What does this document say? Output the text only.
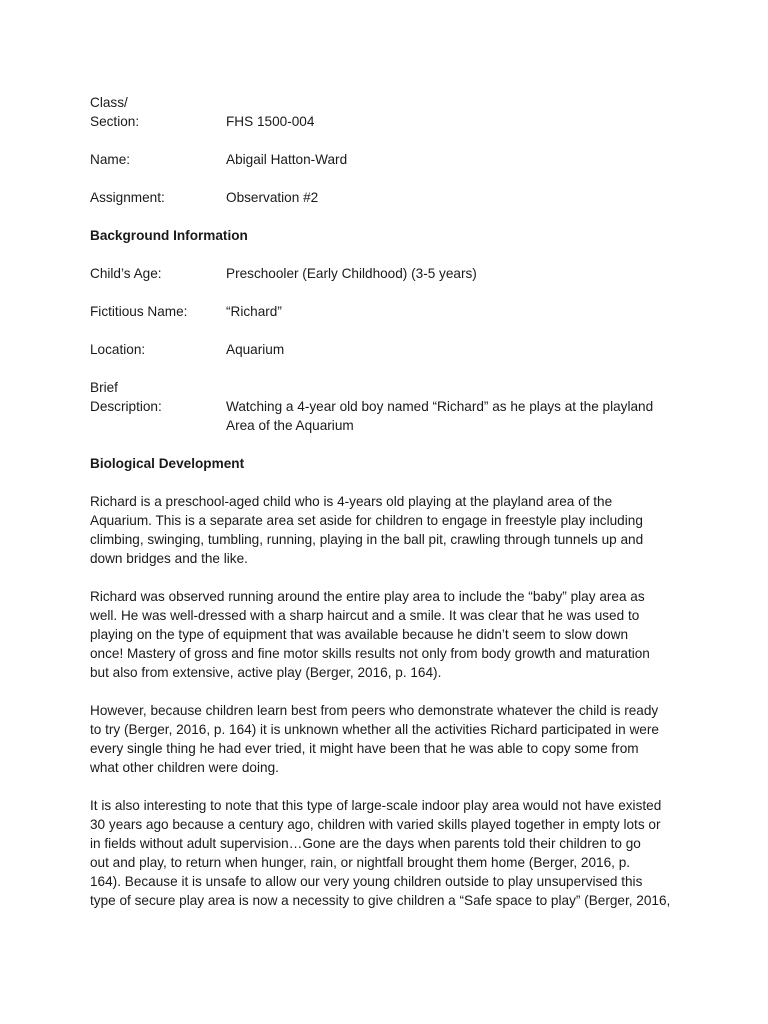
Class/
Section:	FHS 1500-004
Name:	Abigail Hatton-Ward
Assignment:	Observation #2
Background Information
Child’s Age:	Preschooler (Early Childhood) (3-5 years)
Fictitious Name:	“Richard”
Location:	Aquarium
Brief
Description:	Watching a 4-year old boy named “Richard” as he plays at the playland
Area of the Aquarium
Biological Development

Richard is a preschool-aged child who is 4-years old playing at the playland area of the
Aquarium. This is a separate area set aside for children to engage in freestyle play including
climbing, swinging, tumbling, running, playing in the ball pit, crawling through tunnels up and
down bridges and the like.

Richard was observed running around the entire play area to include the “baby” play area as
well. He was well-dressed with a sharp haircut and a smile. It was clear that he was used to
playing on the type of equipment that was available because he didn’t seem to slow down
once! Mastery of gross and fine motor skills results not only from body growth and maturation
but also from extensive, active play (Berger, 2016, p. 164).

However, because children learn best from peers who demonstrate whatever the child is ready
to try (Berger, 2016, p. 164) it is unknown whether all the activities Richard participated in were
every single thing he had ever tried, it might have been that he was able to copy some from
what other children were doing.

It is also interesting to note that this type of large-scale indoor play area would not have existed
30 years ago because a century ago, children with varied skills played together in empty lots or
in fields without adult supervision…Gone are the days when parents told their children to go
out and play, to return when hunger, rain, or nightfall brought them home (Berger, 2016, p.
164). Because it is unsafe to allow our very young children outside to play unsupervised this
type of secure play area is now a necessity to give children a “Safe space to play” (Berger, 2016,
